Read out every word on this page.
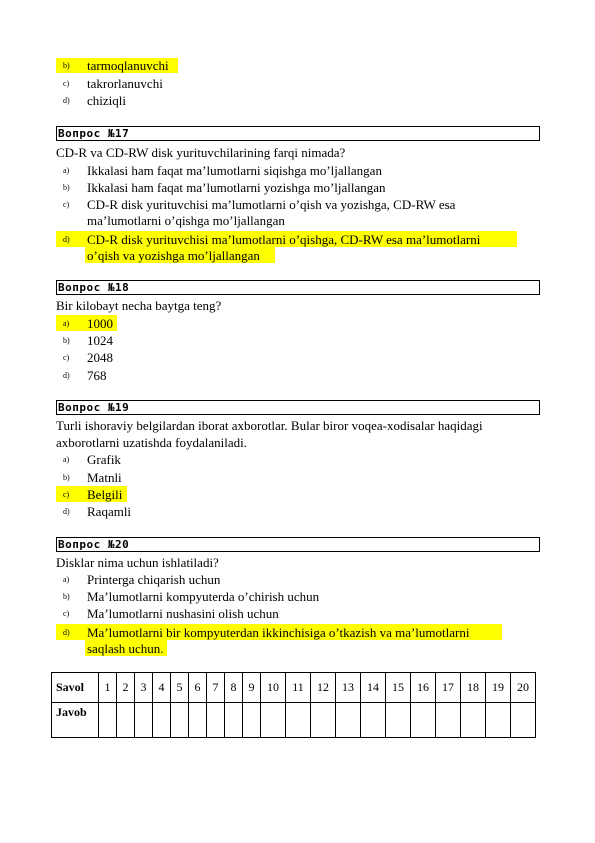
b) tarmoqlanuvchi
c) takrorlanuvchi
d) chiziqli
Вопрос №17
CD-R va CD-RW disk yurituvchilarining farqi nimada?
a) Ikkalasi ham faqat ma’lumotlarni siqishga mo’ljallangan
b) Ikkalasi ham faqat ma’lumotlarni yozishga mo’ljallangan
c) CD-R disk yurituvchisi ma’lumotlarni o’qish va yozishga, CD-RW esa
ma’lumotlarni o’qishga mo’ljallangan
d) CD-R disk yurituvchisi ma’lumotlarni o’qishga, CD-RW esa ma’lumotlarni
o’qish va yozishga mo’ljallangan
Вопрос №18
Bir kilobayt necha baytga teng?
a) 1000
b) 1024
c) 2048
d) 768
Вопрос №19
Turli ishoraviy belgilardan iborat axborotlar. Bular biror voqea-xodisalar haqidagi
axborotlarni uzatishda foydalaniladi.
a) Grafik
b) Matnli
c) Belgili
d) Raqamli
Вопрос №20
Disklar nima uchun ishlatiladi?
a) Printerga chiqarish uchun
b) Ma’lumotlarni kompyuterda o’chirish uchun
c) Ma’lumotlarni nushasini olish uchun
d) Ma’lumotlarni bir kompyuterdan ikkinchisiga o’tkazish va ma’lumotlarni
saqlash uchun.
Savol	1	2	3	4	5	6	7	8	9	10	11	12	13	14	15	16	17	18	19	20
Javob																				
